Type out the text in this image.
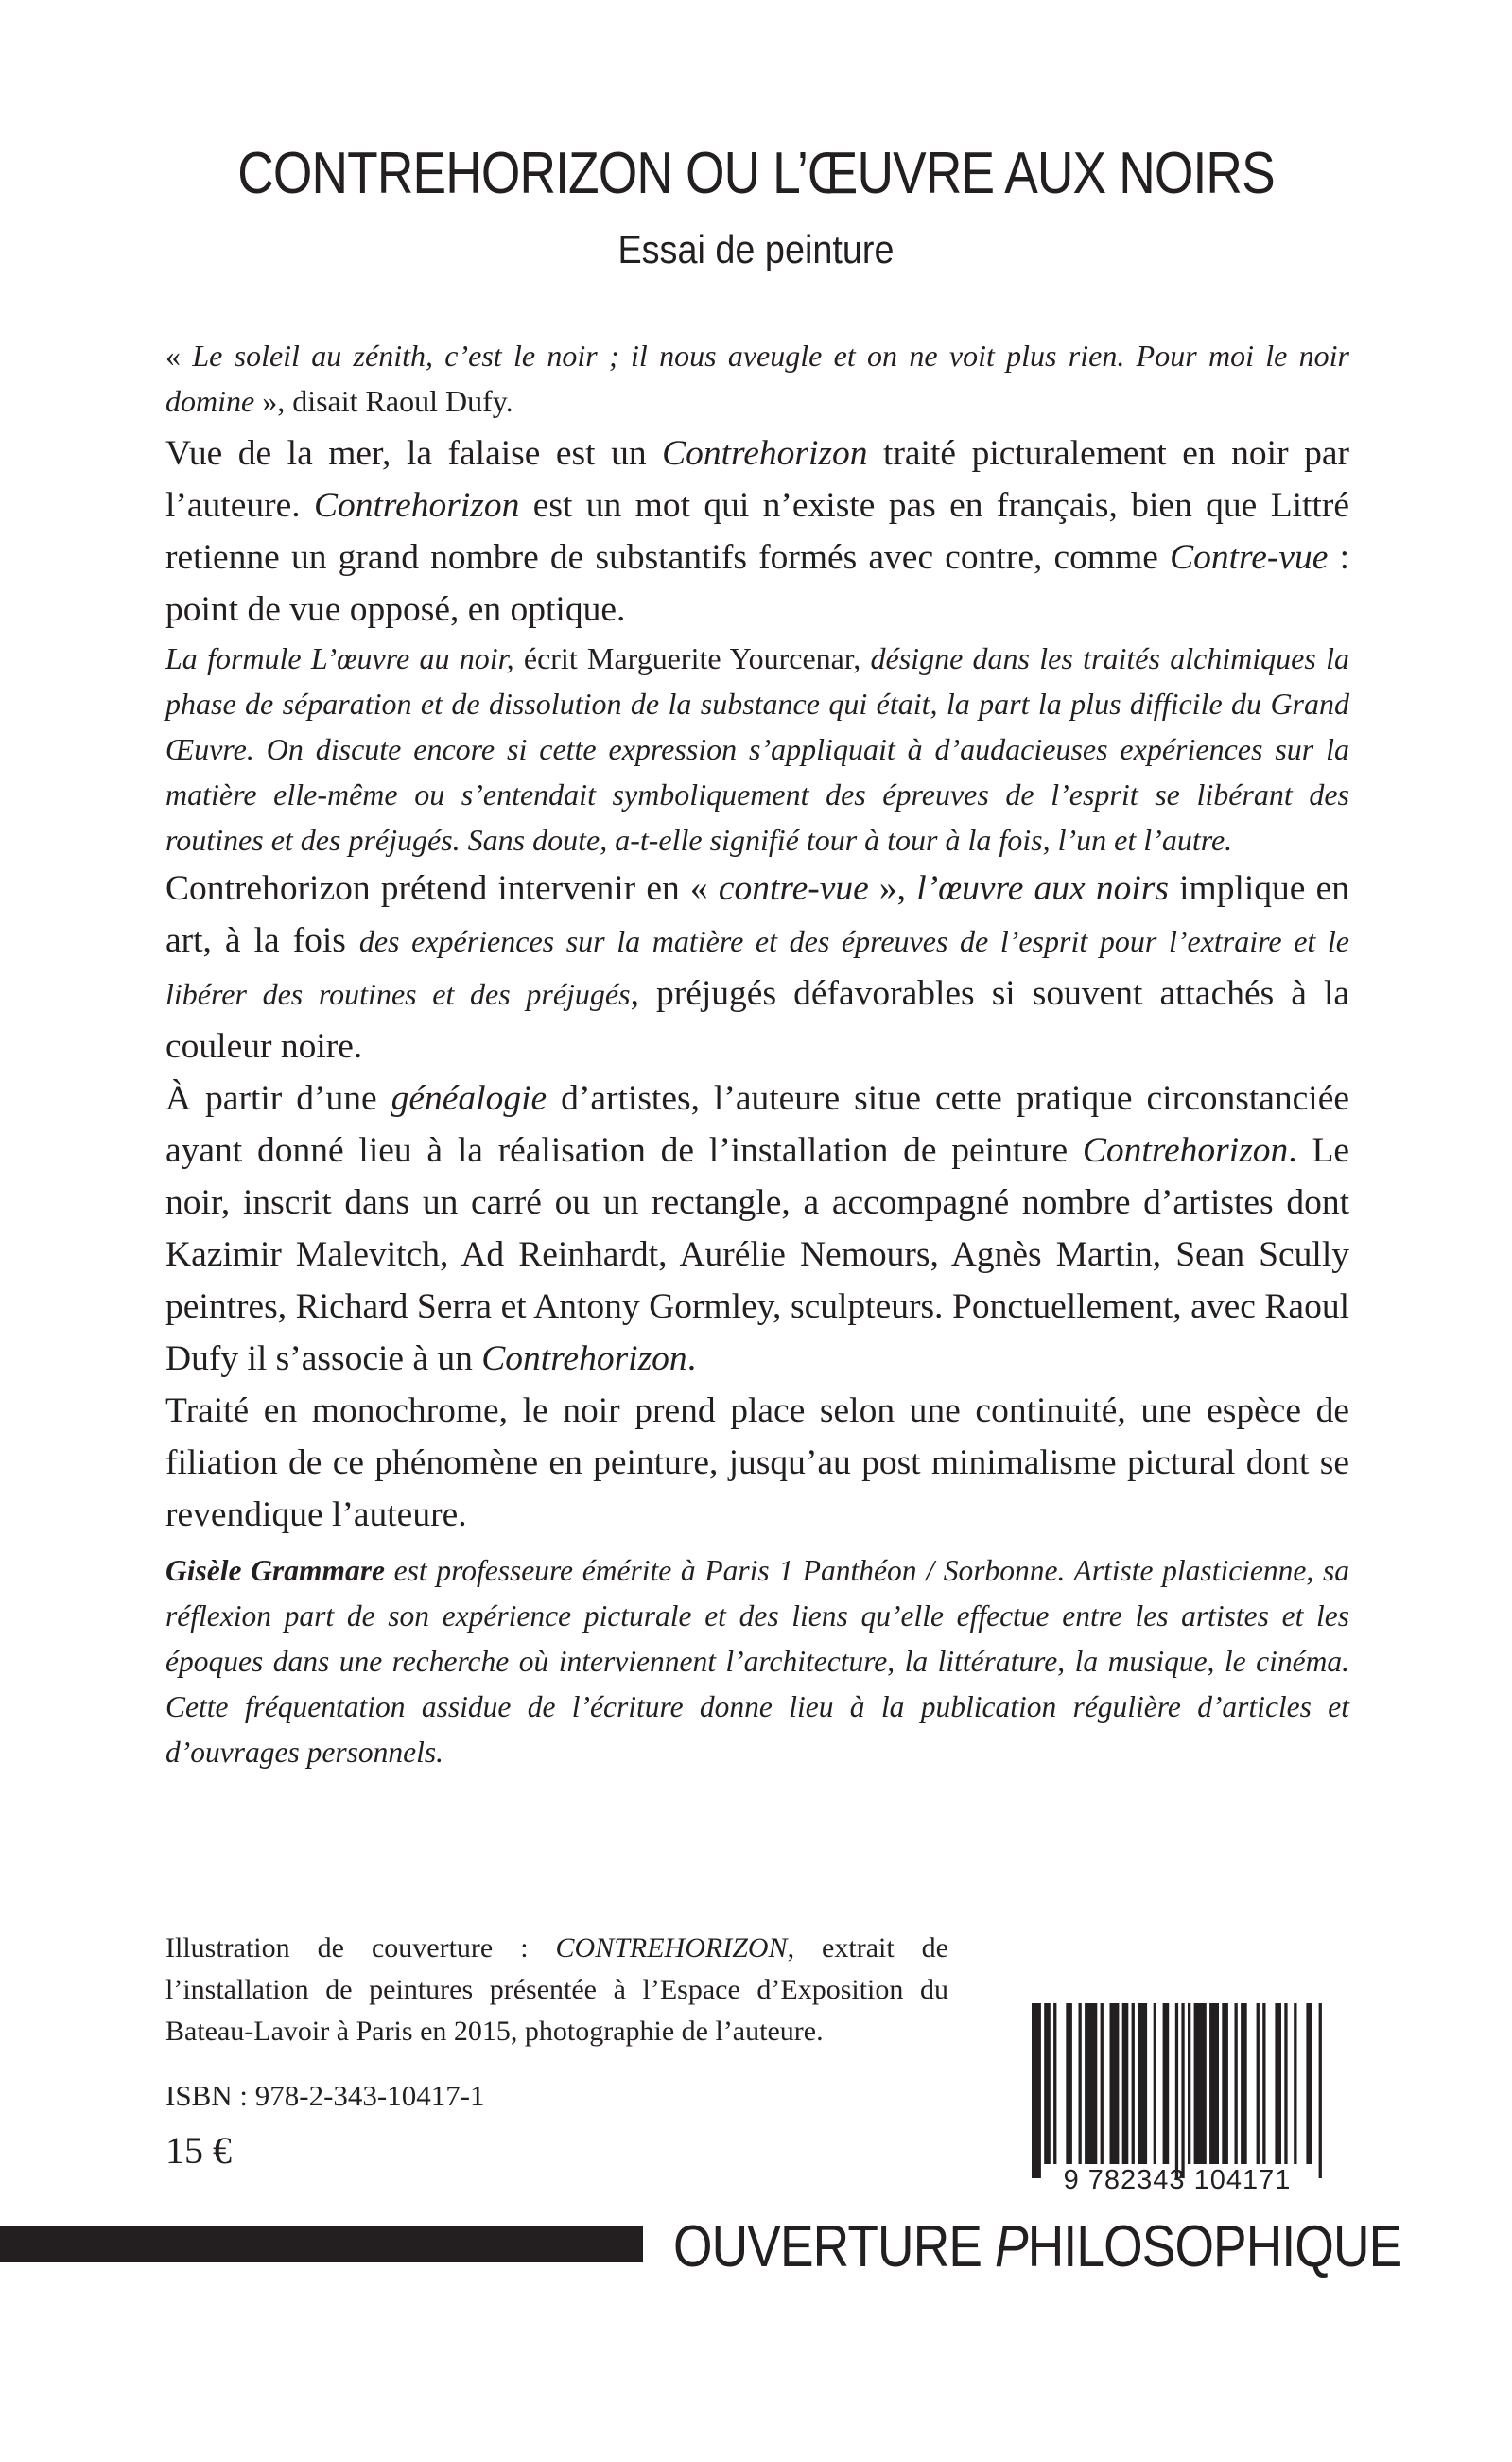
CONTREHORIZON OU L’ŒUVRE AUX NOIRS
Essai de peinture

« Le soleil au zénith, c’est le noir ; il nous aveugle et on ne voit plus rien. Pour moi le noir domine », disait Raoul Dufy.

Vue de la mer, la falaise est un Contrehorizon traité picturalement en noir par l’auteure. Contrehorizon est un mot qui n’existe pas en français, bien que Littré retienne un grand nombre de substantifs formés avec contre, comme Contre-vue : point de vue opposé, en optique.

La formule L’œuvre au noir, écrit Marguerite Yourcenar, désigne dans les traités alchimiques la phase de séparation et de dissolution de la substance qui était, la part la plus difficile du Grand Œuvre. On discute encore si cette expression s’appliquait à d’audacieuses expériences sur la matière elle-même ou s’entendait symboliquement des épreuves de l’esprit se libérant des routines et des préjugés. Sans doute, a-t-elle signifié tour à tour à la fois, l’un et l’autre.

Contrehorizon prétend intervenir en « contre-vue », l’œuvre aux noirs implique en art, à la fois des expériences sur la matière et des épreuves de l’esprit pour l’extraire et le libérer des routines et des préjugés, préjugés défavorables si souvent attachés à la couleur noire.

À partir d’une généalogie d’artistes, l’auteure situe cette pratique circonstanciée ayant donné lieu à la réalisation de l’installation de peinture Contrehorizon. Le noir, inscrit dans un carré ou un rectangle, a accompagné nombre d’artistes dont Kazimir Malevitch, Ad Reinhardt, Aurélie Nemours, Agnès Martin, Sean Scully peintres, Richard Serra et Antony Gormley, sculpteurs. Ponctuellement, avec Raoul Dufy il s’associe à un Contrehorizon.

Traité en monochrome, le noir prend place selon une continuité, une espèce de filiation de ce phénomène en peinture, jusqu’au post minimalisme pictural dont se revendique l’auteure.

Gisèle Grammare est professeure émérite à Paris 1 Panthéon / Sorbonne. Artiste plasticienne, sa réflexion part de son expérience picturale et des liens qu’elle effectue entre les artistes et les époques dans une recherche où interviennent l’architecture, la littérature, la musique, le cinéma. Cette fréquentation assidue de l’écriture donne lieu à la publication régulière d’articles et d’ouvrages personnels.

Illustration de couverture : CONTREHORIZON, extrait de l’installation de peintures présentée à l’Espace d’Exposition du Bateau-Lavoir à Paris en 2015, photographie de l’auteure.

ISBN : 978-2-343-10417-1

15 €

9 782343 104171
OUVERTURE PHILOSOPHIQUE
